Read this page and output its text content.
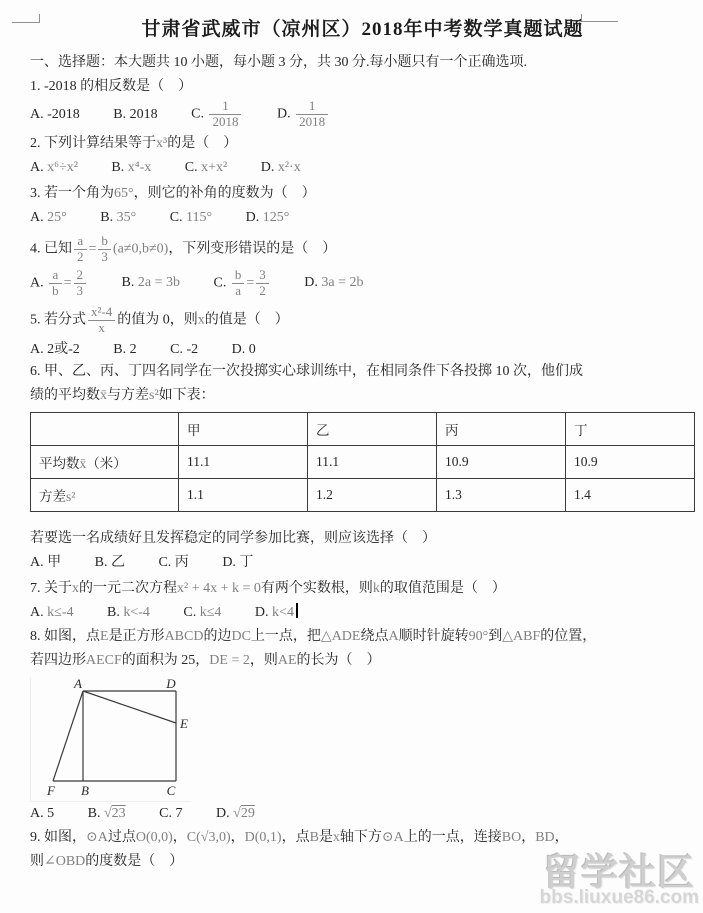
甘肃省武威市（凉州区）2018年中考数学真题试题
一、选择题：本大题共 10 小题，每小题 3 分，共 30 分.每小题只有一个正确选项.
1. -2018 的相反数是（　）
A. -2018 B. 2018 C. $\frac{1}{2018}$	D. $\frac{1}{2018}$
2. 下列计算结果等于x³的是（　）
A. x⁶÷x² B. x⁴-x C. x+x² D. x²·x
3. 若一个角为65°，则它的补角的度数为（　）
A. 25° B. 35° C. 115° D. 125°
4. 已知 $\frac{a}{2} = \frac{b}{3} (a\ne 0,b\ne 0)$，下列变形错误的是（　）
A. $\frac{a}{b} = \frac{2}{3}$	B. 2a = 3b C. $\frac{b}{a} = \frac{3}{2}$	D. 3a = 2b
5. 若分式 $\frac{\text{x²-4}}{x}$ 的值为 0，则x的值是（　）
A. 2或-2 B. 2 C. -2 D. 0
6. 甲、乙、丙、丁四名同学在一次投掷实心球训练中，在相同条件下各投掷 10 次，他们成
绩的平均数x̄与方差s²如下表：
	甲	乙	丙	丁
平均数x̄（米）	11.1	11.1	10.9	10.9
方差s²	1.1	1.2	1.3	1.4
若要选一名成绩好且发挥稳定的同学参加比赛，则应该选择（　）
A. 甲 B. 乙 C. 丙 D. 丁
7. 关于x的一元二次方程x² + 4x + k = 0有两个实数根，则k的取值范围是（　）
A. k≤-4 B. k<-4 C. k≤4 D. k<4
8. 如图，点E是正方形ABCD的边DC上一点，把△ADE绕点A顺时针旋转90°到△ABF的位置，
若四边形AECF的面积为 25，DE = 2，则AE的长为（　）
A	D
E
F B	C
A. 5 B. √23 C. 7 D. √29
9. 如图，⊙A过点O(0,0)，C(√3,0)，D(0,1)，点B是x轴下方⊙A上的一点，连接BO，BD，
则∠OBD的度数是（　）	留学社区
bbs.liuxue86.com
